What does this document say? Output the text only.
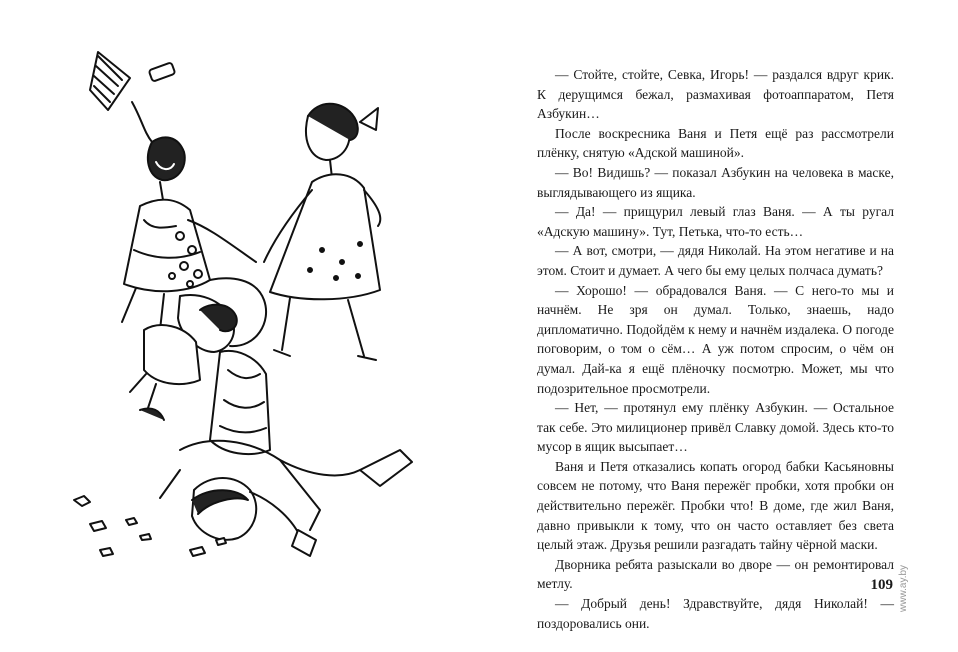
— Стойте, стойте, Севка, Игорь! — раздался вдруг крик. К дерущимся бежал, размахивая фотоаппаратом, Петя Азбукин…

После воскресника Ваня и Петя ещё раз рассмотрели плёнку, снятую «Адской машиной».

— Во! Видишь? — показал Азбукин на человека в маске, выглядывающего из ящика.

— Да! — прищурил левый глаз Ваня. — А ты ругал «Адскую машину». Тут, Петька, что-то есть…

— А вот, смотри, — дядя Николай. На этом негативе и на этом. Стоит и думает. А чего бы ему целых полчаса думать?

— Хорошо! — обрадовался Ваня. — С него-то мы и начнём. Не зря он думал. Только, знаешь, надо дипломатично. Подойдём к нему и начнём издалека. О погоде поговорим, о том о сём… А уж потом спросим, о чём он думал. Дай-ка я ещё плёночку посмотрю. Может, мы что подозрительное просмотрели.

— Нет, — протянул ему плёнку Азбукин. — Остальное так себе. Это милиционер привёл Славку домой. Здесь кто-то мусор в ящик высыпает…

Ваня и Петя отказались копать огород бабки Касьяновны совсем не потому, что Ваня пережёг пробки, хотя пробки он действительно пережёг. Пробки что! В доме, где жил Ваня, давно привыкли к тому, что он часто оставляет без света целый этаж. Друзья решили разгадать тайну чёрной маски.

Дворника ребята разыскали во дворе — он ремонтировал метлу.

— Добрый день! Здравствуйте, дядя Николай! — поздоровались они.

109 www.ay.by
